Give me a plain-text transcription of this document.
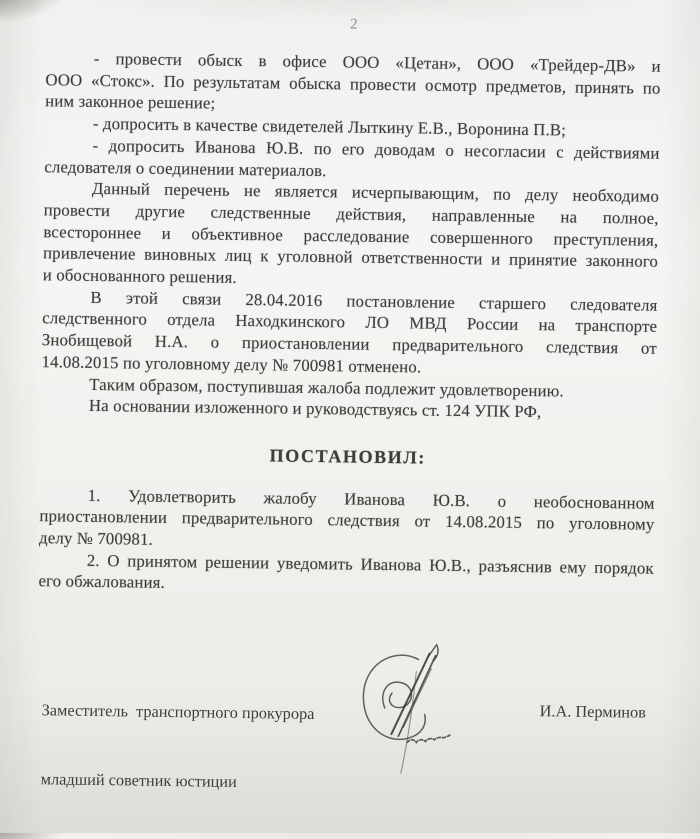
2
- провести обыск в офисе ООО «Цетан», ООО «Трейдер-ДВ» и
ООО «Стокс». По результатам обыска провести осмотр предметов, принять по
ним законное решение;
- допросить в качестве свидетелей Лыткину Е.В., Воронина П.В;
- допросить Иванова Ю.В. по его доводам о несогласии с действиями
следователя о соединении материалов.
Данный перечень не является исчерпывающим, по делу необходимо
провести другие следственные действия, направленные на полное,
всестороннее и объективное расследование совершенного преступления,
привлечение виновных лиц к уголовной ответственности и принятие законного
и обоснованного решения.
В этой связи 28.04.2016 постановление старшего следователя
следственного отдела Находкинского ЛО МВД России на транспорте
Знобищевой Н.А. о приостановлении предварительного следствия от
14.08.2015 по уголовному делу № 700981 отменено.
Таким образом, поступившая жалоба подлежит удовлетворению.
На основании изложенного и руководствуясь ст. 124 УПК РФ,
ПОСТАНОВИЛ:
1. Удовлетворить жалобу Иванова Ю.В. о необоснованном
приостановлении предварительного следствия от 14.08.2015 по уголовному
делу № 700981.
2. О принятом решении уведомить Иванова Ю.В., разъяснив ему порядок
его обжалования.

Заместитель  транспортного прокурора

младший советник юстиции

И.А. Перминов
